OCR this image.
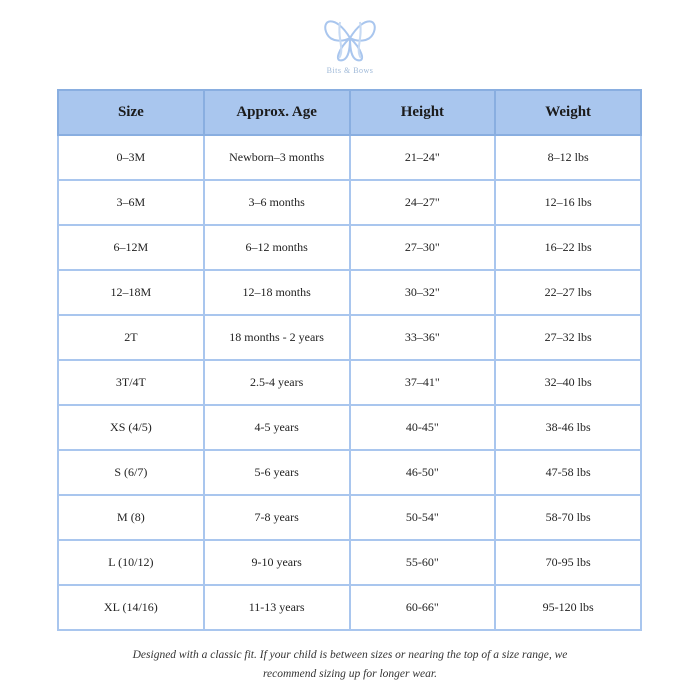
Bits & Bows
Size	Approx. Age	Height	Weight
0–3M	Newborn–3 months	21–24"	8–12 lbs
3–6M	3–6 months	24–27"	12–16 lbs
6–12M	6–12 months	27–30"	16–22 lbs
12–18M	12–18 months	30–32"	22–27 lbs
2T	18 months - 2 years	33–36"	27–32 lbs
3T/4T	2.5-4 years	37–41"	32–40 lbs
XS (4/5)	4-5 years	40-45"	38-46 lbs
S (6/7)	5-6 years	46-50"	47-58 lbs
M (8)	7-8 years	50-54"	58-70 lbs
L (10/12)	9-10 years	55-60"	70-95 lbs
XL (14/16)	11-13 years	60-66"	95-120 lbs
Designed with a classic fit. If your child is between sizes or nearing the top of a size range, we recommend sizing up for longer wear.
